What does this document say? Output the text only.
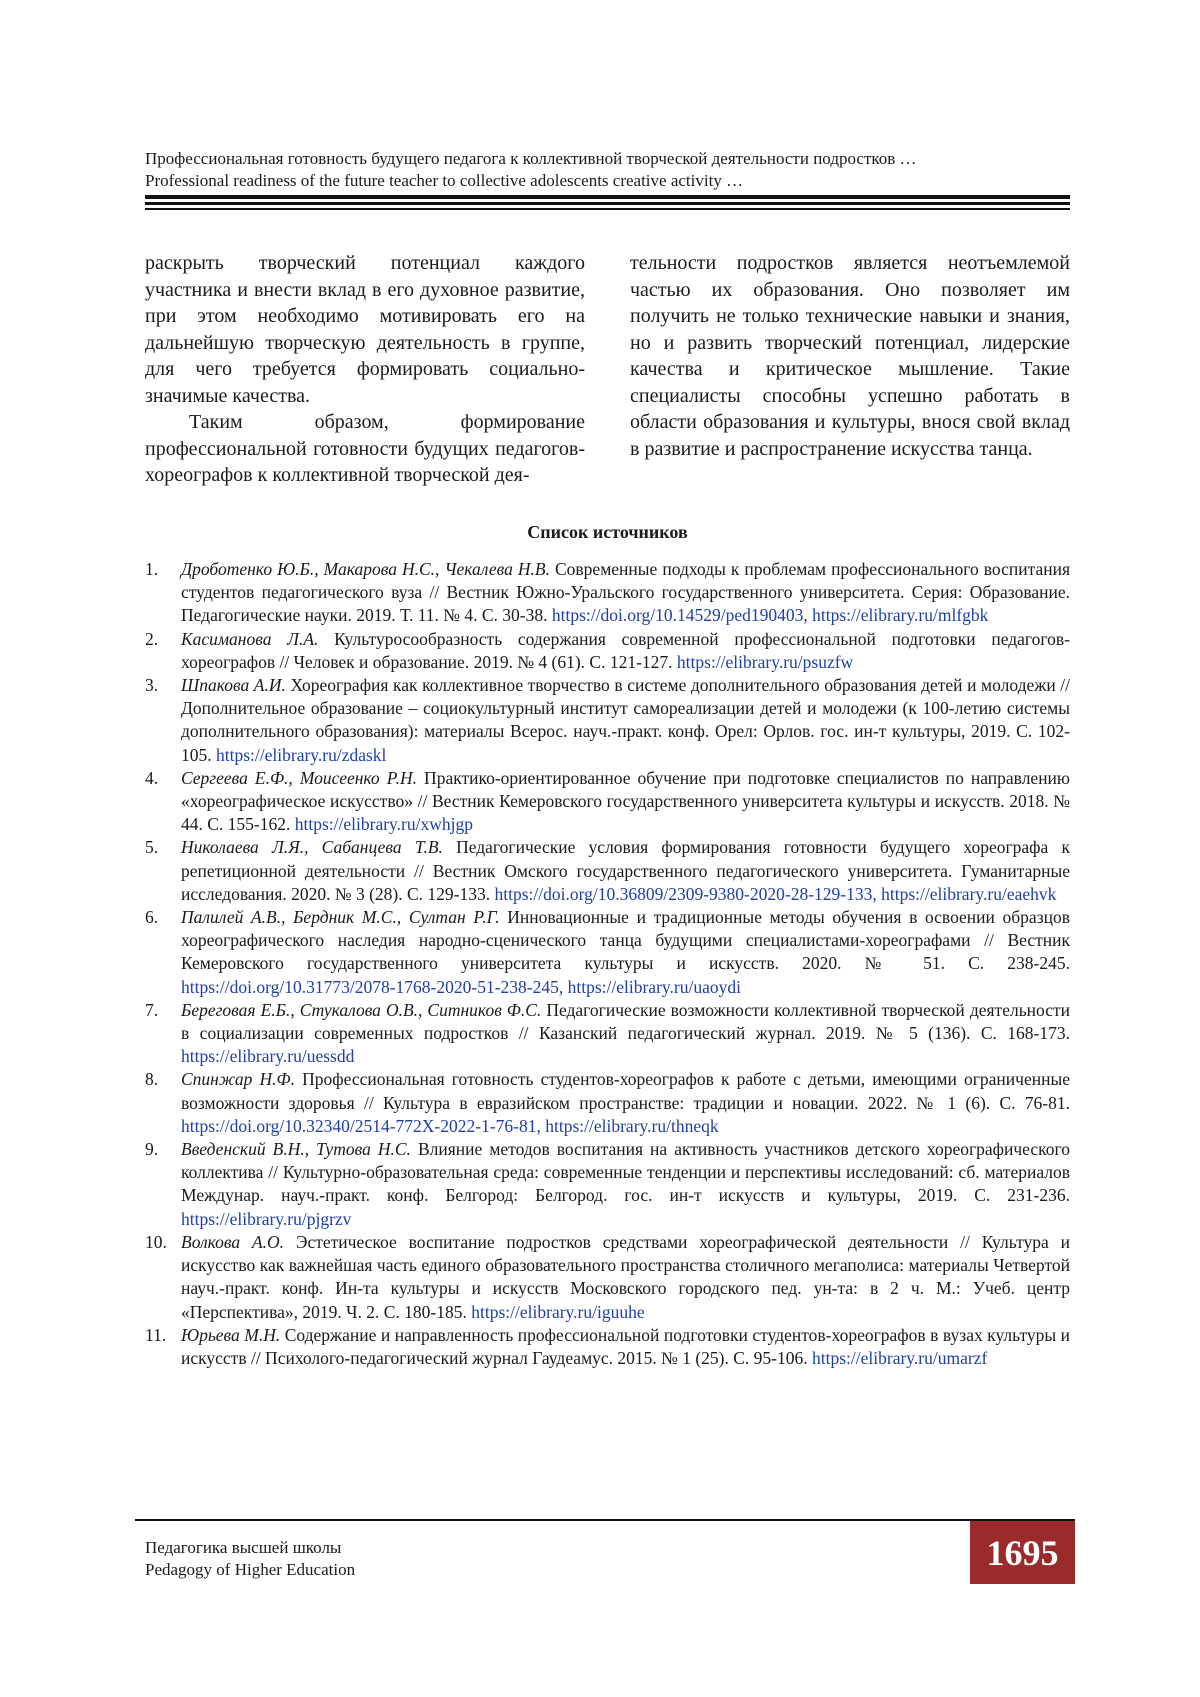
Профессиональная готовность будущего педагога к коллективной творческой деятельности подростков …
Professional readiness of the future teacher to collective adolescents creative activity …

раскрыть творческий потенциал каждого участника и внести вклад в его духовное развитие, при этом необходимо мотивировать его на дальнейшую творческую деятельность в группе, для чего требуется формировать социально-значимые качества.

Таким образом, формирование профессиональной готовности будущих педагогов-хореографов к коллективной творческой дея-

тельности подростков является неотъемлемой частью их образования. Оно позволяет им получить не только технические навыки и знания, но и развить творческий потенциал, лидерские качества и критическое мышление. Такие специалисты способны успешно работать в области образования и культуры, внося свой вклад в развитие и распространение искусства танца.

Список источников
1.	Дроботенко Ю.Б., Макарова Н.С., Чекалева Н.В. Современные подходы к проблемам профессионального воспитания студентов педагогического вуза // Вестник Южно-Уральского государственного университета. Серия: Образование. Педагогические науки. 2019. Т. 11. № 4. С. 30-38. https://doi.org/10.14529/ped190403, https://elibrary.ru/mlfgbk
2.	Касиманова Л.А. Культуросообразность содержания современной профессиональной подготовки педагогов-хореографов // Человек и образование. 2019. № 4 (61). С. 121-127. https://elibrary.ru/psuzfw
3.	Шпакова А.И. Хореография как коллективное творчество в системе дополнительного образования детей и молодежи // Дополнительное образование – социокультурный институт самореализации детей и молодежи (к 100-летию системы дополнительного образования): материалы Всерос. науч.-практ. конф. Орел: Орлов. гос. ин-т культуры, 2019. С. 102-105. https://elibrary.ru/zdaskl
4.	Сергеева Е.Ф., Моисеенко Р.Н. Практико-ориентированное обучение при подготовке специалистов по направлению «хореографическое искусство» // Вестник Кемеровского государственного университета культуры и искусств. 2018. № 44. С. 155-162. https://elibrary.ru/xwhjgp
5.	Николаева Л.Я., Сабанцева Т.В. Педагогические условия формирования готовности будущего хореографа к репетиционной деятельности // Вестник Омского государственного педагогического университета. Гуманитарные исследования. 2020. № 3 (28). С. 129-133. https://doi.org/10.36809/2309-9380-2020-28-129-133, https://elibrary.ru/eaehvk
6.	Палилей А.В., Бердник М.С., Султан Р.Г. Инновационные и традиционные методы обучения в освоении образцов хореографического наследия народно-сценического танца будущими специалистами-хореографами // Вестник Кемеровского государственного университета культуры и искусств. 2020. № 51. С. 238-245. https://doi.org/10.31773/2078-1768-2020-51-238-245, https://elibrary.ru/uaoydi
7.	Береговая Е.Б., Стукалова О.В., Ситников Ф.С. Педагогические возможности коллективной творческой деятельности в социализации современных подростков // Казанский педагогический журнал. 2019. № 5 (136). С. 168-173. https://elibrary.ru/uessdd
8.	Спинжар Н.Ф. Профессиональная готовность студентов-хореографов к работе с детьми, имеющими ограниченные возможности здоровья // Культура в евразийском пространстве: традиции и новации. 2022. № 1 (6). С. 76-81. https://doi.org/10.32340/2514-772X-2022-1-76-81, https://elibrary.ru/thneqk
9.	Введенский В.Н., Тутова Н.С. Влияние методов воспитания на активность участников детского хореографического коллектива // Культурно-образовательная среда: современные тенденции и перспективы исследований: сб. материалов Междунар. науч.-практ. конф. Белгород: Белгород. гос. ин-т искусств и культуры, 2019. С. 231-236. https://elibrary.ru/pjgrzv
10. Волкова А.О. Эстетическое воспитание подростков средствами хореографической деятельности // Культура и искусство как важнейшая часть единого образовательного пространства столичного мегаполиса: материалы Четвертой науч.-практ. конф. Ин-та культуры и искусств Московского городского пед. ун-та: в 2 ч. М.: Учеб. центр «Перспектива», 2019. Ч. 2. С. 180-185. https://elibrary.ru/iguuhe
11. Юрьева М.Н. Содержание и направленность профессиональной подготовки студентов-хореографов в вузах культуры и искусств // Психолого-педагогический журнал Гаудеамус. 2015. № 1 (25). С. 95-106. https://elibrary.ru/umarzf
Педагогика высшей школы
Pedagogy of Higher Education	1695
